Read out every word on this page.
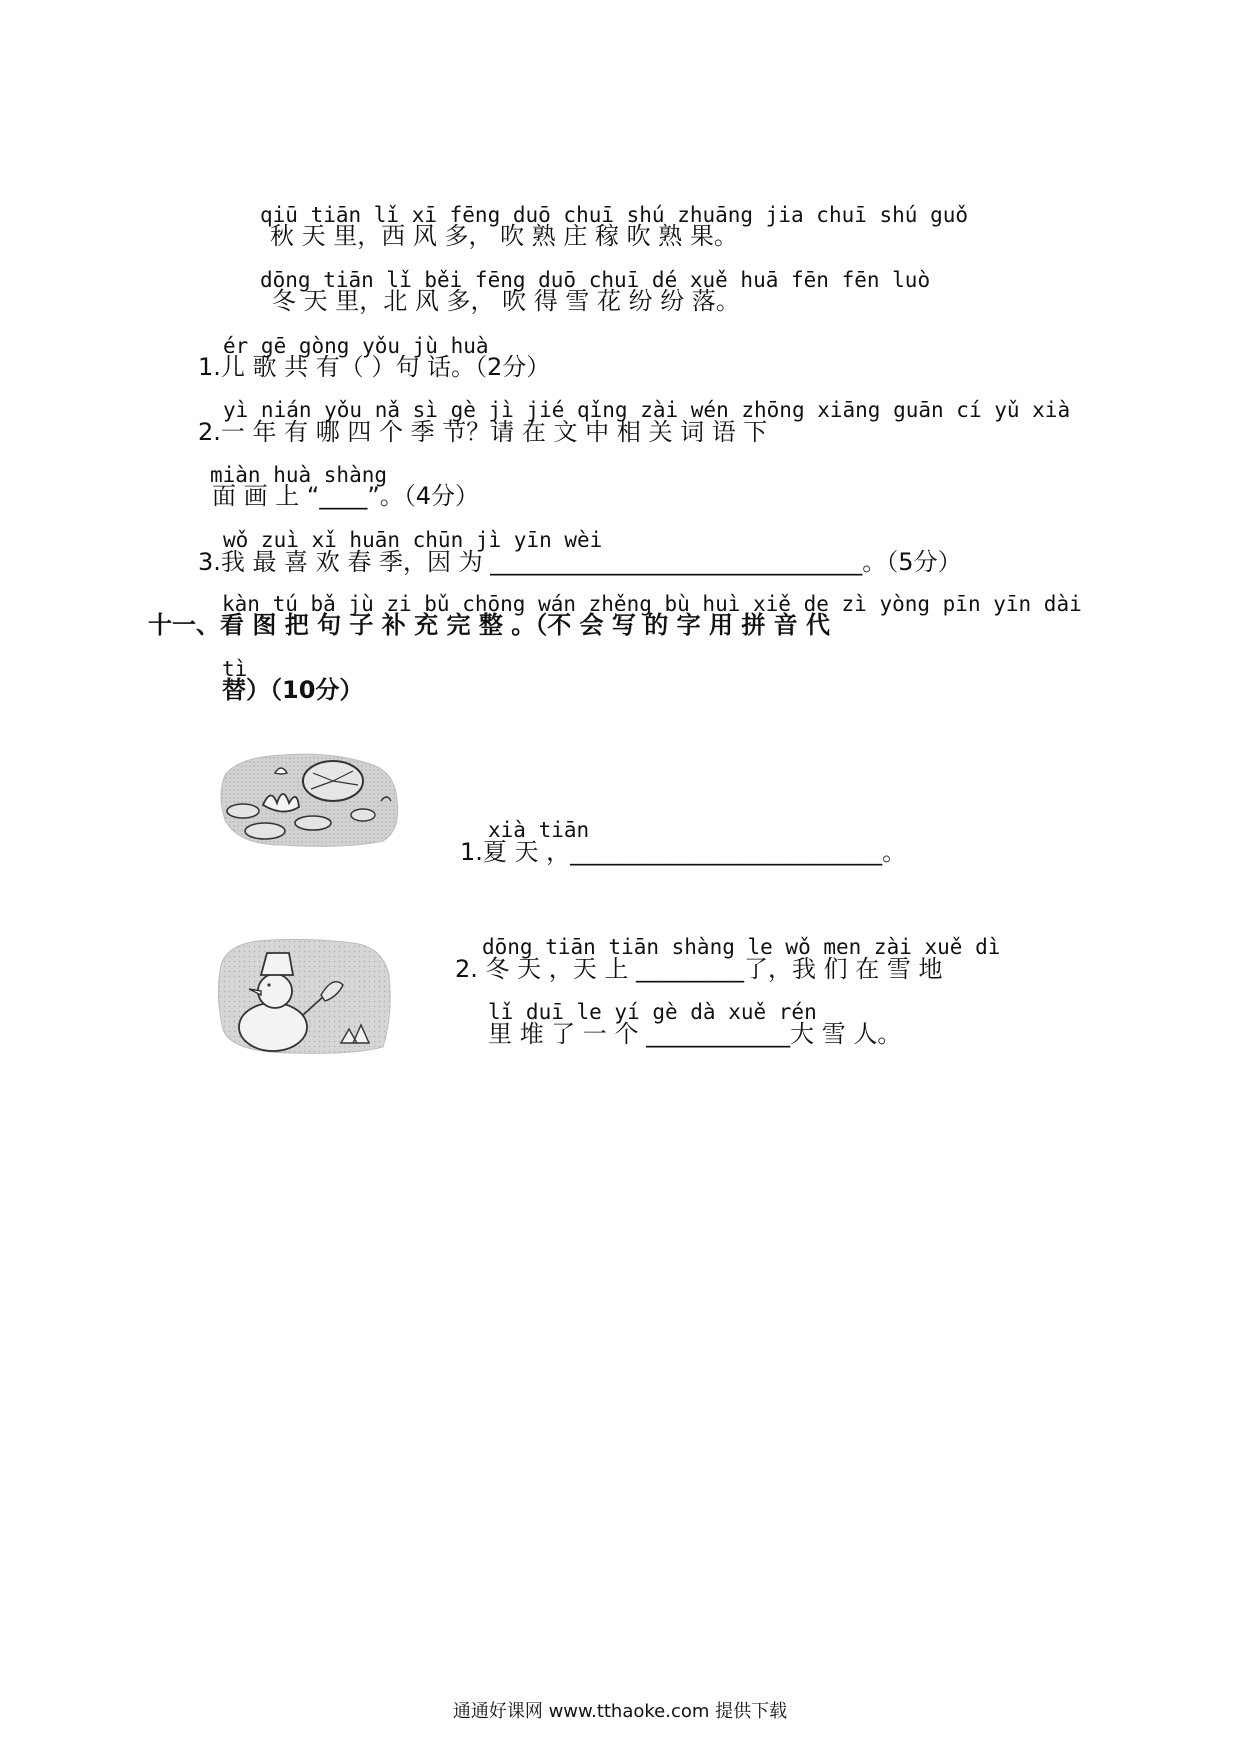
qiū tiān lǐ xī fēng duō chuī shú zhuāng jia chuī shú guǒ
秋 天 里，西 风 多， 吹 熟 庄 稼 吹 熟 果。
dōng tiān lǐ běi fēng duō chuī dé xuě huā fēn fēn luò
冬 天 里，北 风 多， 吹 得 雪 花 纷 纷 落。
ér gē gòng yǒu jù huà
1.儿 歌 共 有（ ）句 话。（2分）
yì nián yǒu nǎ sì gè jì jié qǐng zài wén zhōng xiāng guān cí yǔ xià
2.一 年 有 哪 四 个 季 节？请 在 文 中 相 关 词 语 下
miàn huà shàng
面 画 上 “____”。（4分）
wǒ zuì xǐ huān chūn jì yīn wèi
3.我 最 喜 欢 春 季，因 为 _______________________________。（5分）
kàn tú bǎ jù zi bǔ chōng wán zhěng bù huì xiě de zì yòng pīn yīn dài
十一、看 图 把 句 子 补 充 完 整 。（不 会 写 的 字 用 拼 音 代
tì
替）（10分）
xià tiān
1.夏 天 ，__________________________。
dōng tiān tiān shàng le wǒ men zài xuě dì
2. 冬 天 ，天 上 _________了，我 们 在 雪 地
lǐ duī le yí gè dà xuě rén
里 堆 了 一 个 ____________大 雪 人。
通通好课网 www.tthaoke.com 提供下载
